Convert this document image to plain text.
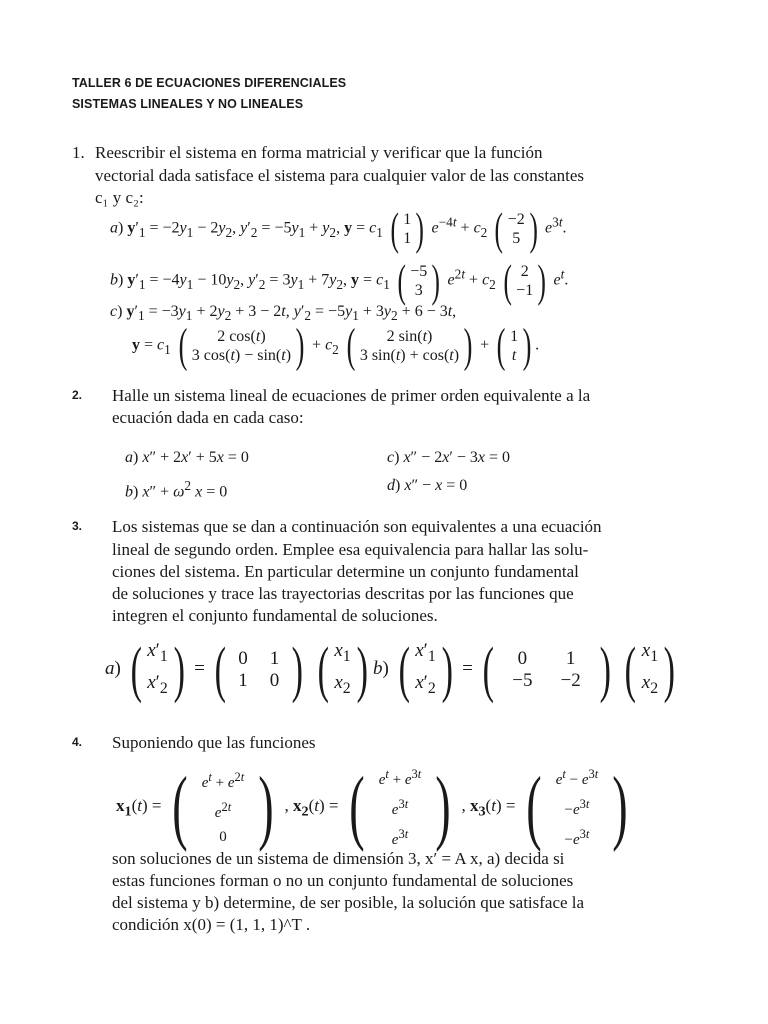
TALLER 6 DE ECUACIONES DIFERENCIALES
SISTEMAS LINEALES Y NO LINEALES
1. Reescribir el sistema en forma matricial y verificar que la función
vectorial dada satisface el sistema para cualquier valor de las constantes
c₁ y c₂:
a) $y'_1 = -2y_1 - 2y_2$, $y'_2 = -5y_1 + y_2$, $y = c_1$ ( 1
1 ) $e^{-4t} + c_2$ ( −2
5 ) $e^{3t}$.
b) $y'_1 = -4y_1 - 10y_2$, $y'_2 = 3y_1 + 7y_2$, $y = c_1$ ( −5
3 ) $e^{2t} + c_2$ ( 2
−1 ) $e^t$.
c) $y'_1 = -3y_1 + 2y_2 + 3 - 2t$, $y'_2 = -5y_1 + 3y_2 + 6 - 3t$,
$y = c_1$ ( 2 cos(t)
3 cos(t) − sin(t) ) + $c_2$ ( 2 sin(t)
3 sin(t) + cos(t) ) + ( 1
t ) .
2. Halle un sistema lineal de ecuaciones de primer orden equivalente a la
ecuación dada en cada caso:
a) x″ + 2x′ + 5x = 0	c) x″ − 2x′ − 3x = 0
b) $x'' + \omega^2$ x = 0	d) x″ − x = 0
3. Los sistemas que se dan a continuación son equivalentes a una ecuación
lineal de segundo orden. Emplee esa equivalencia para hallar las solu-
ciones del sistema. En particular determine un conjunto fundamental
de soluciones y trace las trayectorias descritas por las funciones que
integren el conjunto fundamental de soluciones.
a) ( $x'_1$
$x'_2$ ) = ( 0 1
1 0 )
( $x_1$
$x_2$ ) b) ( $x'_1$
$x'_2$ ) = ( 0 1
−5 −2 )
( $x_1$
$x_2$ )
4. Suponiendo que las funciones
$x_1(t)$ = ( $e^t + e^{2t}$
$e^{2t}$
0 ) , $x_2(t)$ = ( $e^t + e^{3t}$
$e^{3t}$
$e^{3t}$ ) , $x_3(t)$ = ( $e^t - e^{3t}$
$-e^{3t}$
$-e^{3t}$ )
son soluciones de un sistema de dimensión 3, x′ = A x, a) decida si
estas funciones forman o no un conjunto fundamental de soluciones
del sistema y b) determine, de ser posible, la solución que satisface la
condición x(0) = (1, 1, 1)^T .
